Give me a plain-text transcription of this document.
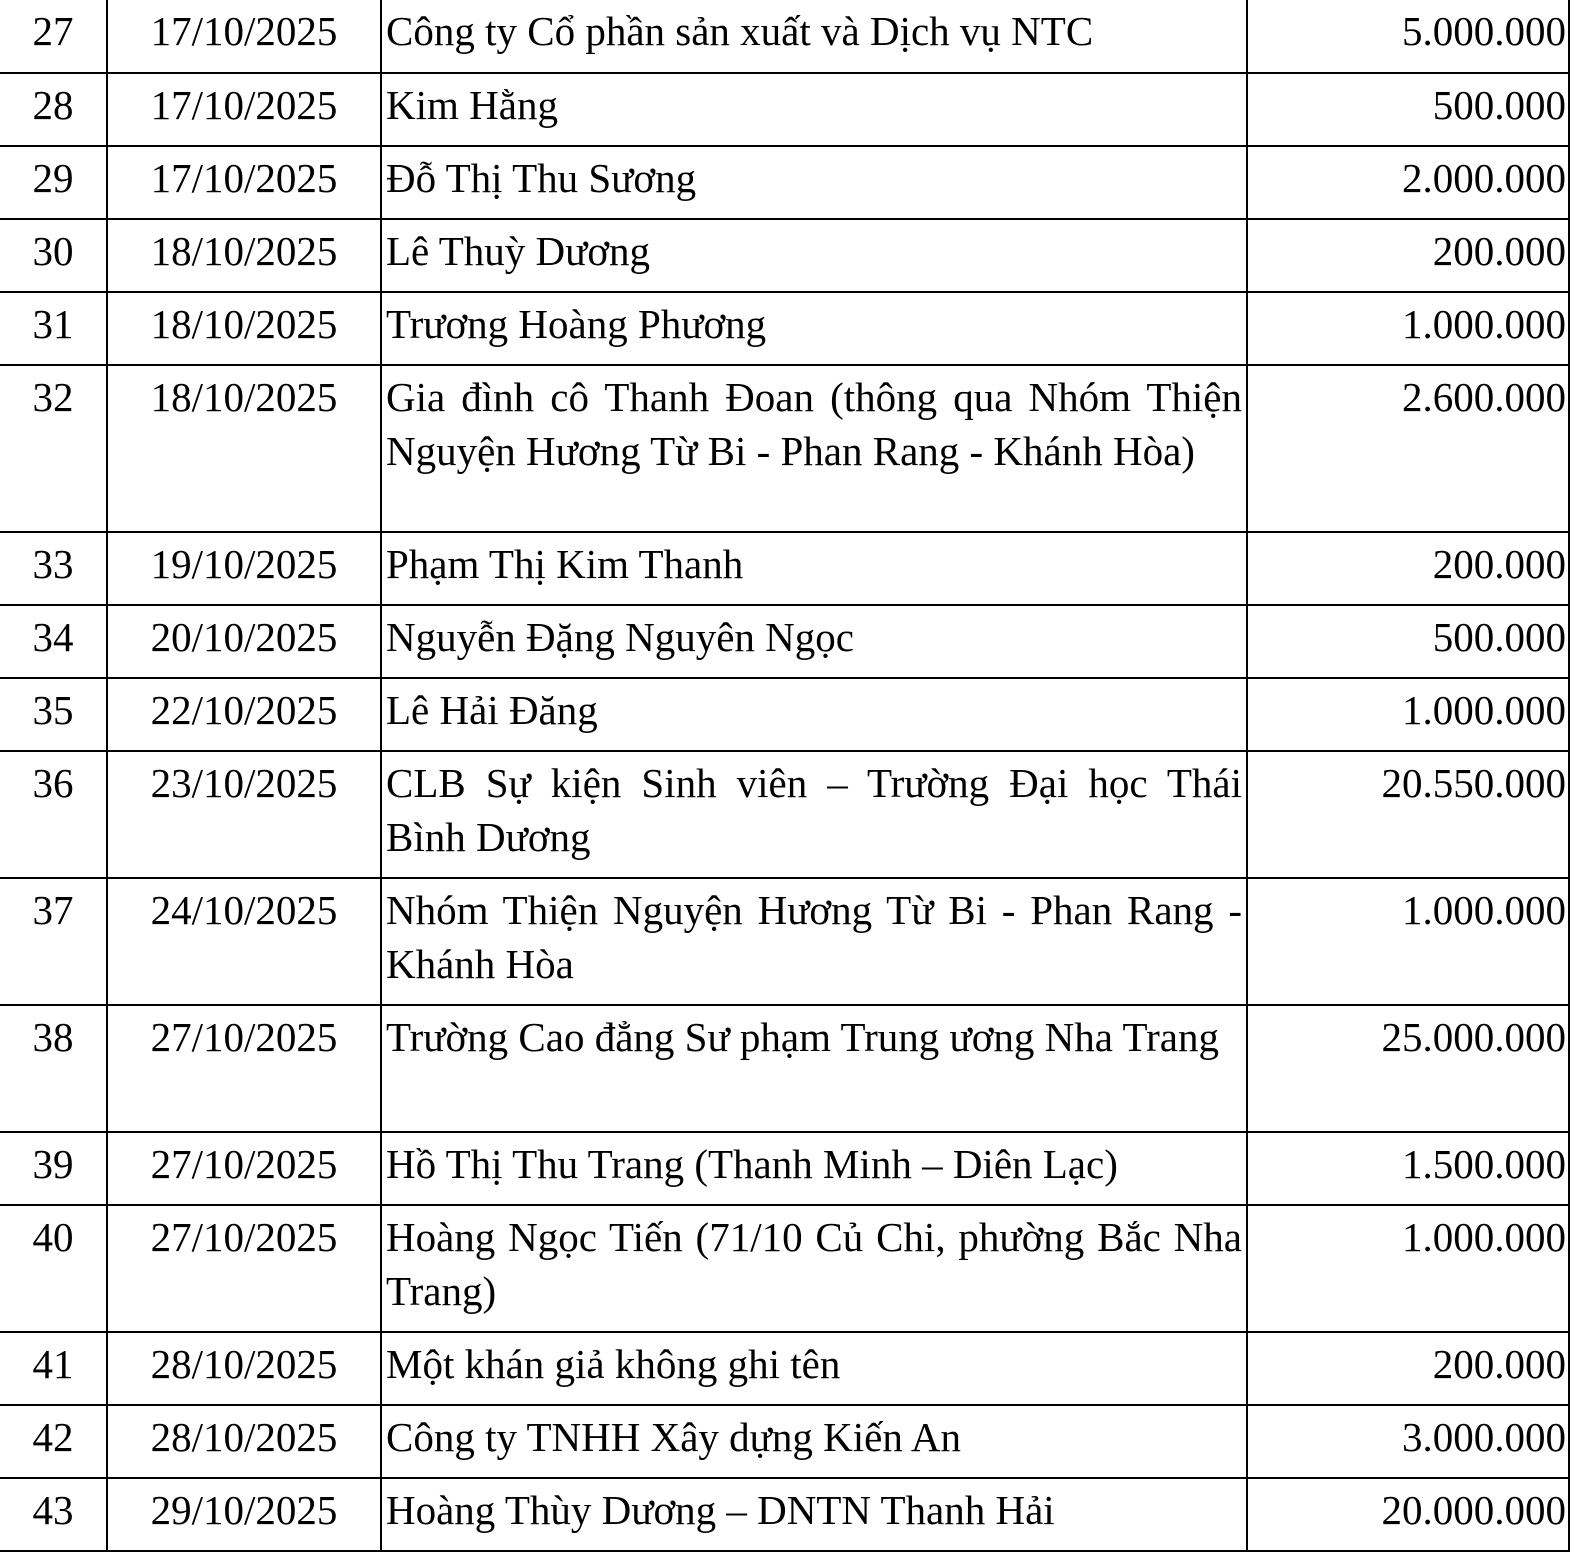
27	17/10/2025	Công ty Cổ phần sản xuất và Dịch vụ NTC	5.000.000

28	17/10/2025	Kim Hằng	500.000

29	17/10/2025	Đỗ Thị Thu Sương	2.000.000

30	18/10/2025	Lê Thuỳ Dương	200.000

31	18/10/2025	Trương Hoàng Phương	1.000.000

32	18/10/2025	Gia đình cô Thanh Đoan (thông qua Nhóm Thiện Nguyện Hương Từ Bi - Phan Rang - Khánh Hòa)	2.600.000

33	19/10/2025	Phạm Thị Kim Thanh	200.000

34	20/10/2025	Nguyễn Đặng Nguyên Ngọc	500.000

35	22/10/2025	Lê Hải Đăng	1.000.000

36	23/10/2025	CLB Sự kiện Sinh viên – Trường Đại học Thái Bình Dương	20.550.000

37	24/10/2025	Nhóm Thiện Nguyện Hương Từ Bi - Phan Rang - Khánh Hòa	1.000.000

38	27/10/2025	Trường Cao đẳng Sư phạm Trung ương Nha Trang	25.000.000

39	27/10/2025	Hồ Thị Thu Trang (Thanh Minh – Diên Lạc)	1.500.000

40	27/10/2025	Hoàng Ngọc Tiến (71/10 Củ Chi, phường Bắc Nha Trang)	1.000.000

41	28/10/2025	Một khán giả không ghi tên	200.000

42	28/10/2025	Công ty TNHH Xây dựng Kiến An	3.000.000

43	29/10/2025	Hoàng Thùy Dương – DNTN Thanh Hải	20.000.000
